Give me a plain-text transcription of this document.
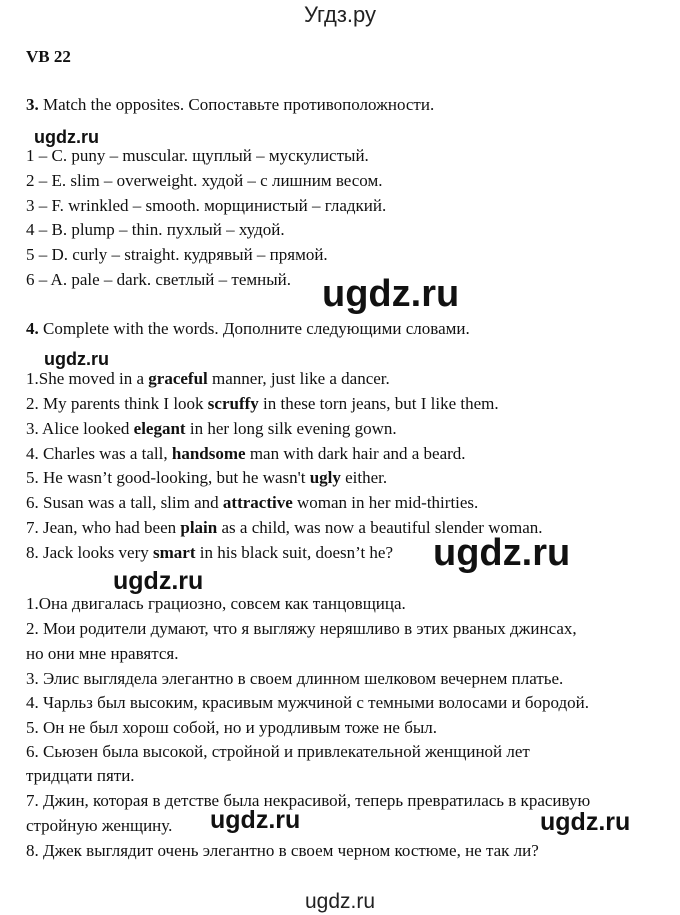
Угдз.ру
VB 22
3. Match the opposites. Сопоставьте противоположности.
ugdz.ru
1 – C. puny – muscular. щуплый – мускулистый.
2 – E. slim – overweight. худой – с лишним весом.
3 – F. wrinkled – smooth. морщинистый – гладкий.
4 – B. plump – thin. пухлый – худой.
5 – D. curly – straight. кудрявый – прямой.
6 – A. pale – dark. светлый – темный. ugdz.ru
4. Complete with the words. Дополните следующими словами.
ugdz.ru
1.She moved in a graceful manner, just like a dancer.
2. My parents think I look scruffy in these torn jeans, but I like them.
3. Alice looked elegant in her long silk evening gown.
4. Charles was a tall, handsome man with dark hair and a beard.
5. He wasn’t good-looking, but he wasn't ugly either.
6. Susan was a tall, slim and attractive woman in her mid-thirties.
7. Jean, who had been plain as a child, was now a beautiful slender woman.
8. Jack looks very smart in his black suit, doesn’t he? ugdz.ru
ugdz.ru
1.Она двигалась грациозно, совсем как танцовщица.
2. Мои родители думают, что я выгляжу неряшливо в этих рваных джинсах,
но они мне нравятся.
3. Элис выглядела элегантно в своем длинном шелковом вечернем платье.
4. Чарльз был высоким, красивым мужчиной с темными волосами и бородой.
5. Он не был хорош собой, но и уродливым тоже не был.
6. Сьюзен была высокой, стройной и привлекательной женщиной лет
тридцати пяти.
7. Джин, которая в детстве была некрасивой, теперь превратилась в красивую
стройную женщину. ugdz.ru	ugdz.ru
8. Джек выглядит очень элегантно в своем черном костюме, не так ли?
ugdz.ru
